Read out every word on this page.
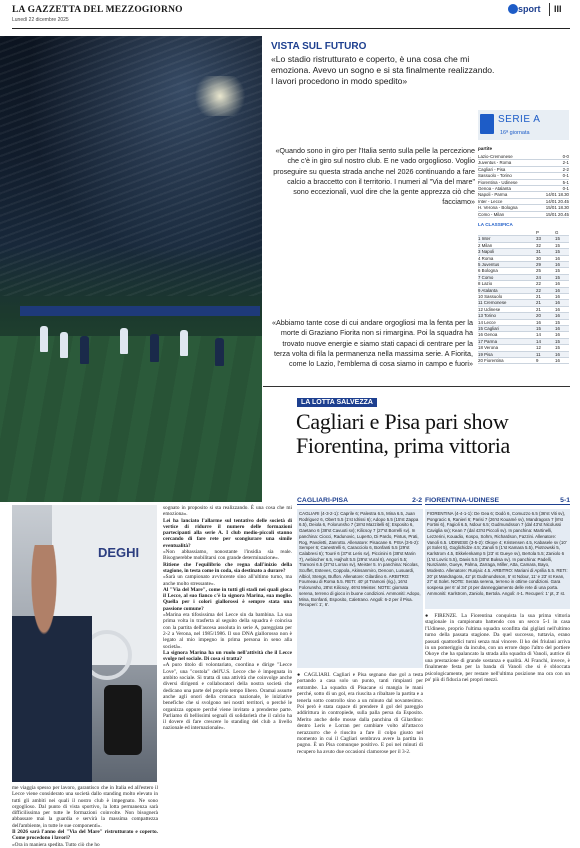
LA GAZZETTA DEL MEZZOGIORNO
Lunedì 22 dicembre 2025
sport III
VISTA SUL FUTURO
«Lo stadio ristrutturato e coperto, è una cosa che mi emoziona. Avevo un sogno e si sta finalmente realizzando. I lavori procedono in modo spedito»
«Quando sono in giro per l'Italia sento sulla pelle la percezione che c'è in giro sul nostro club. E ne vado orgoglioso. Voglio proseguire su questa strada anche nel 2026 continuando a fare calcio a braccetto con il territorio. I numeri al "Via del mare" sono eccezionali, vuol dire che la gente apprezza ciò che facciamo»
«Abbiamo tante cose di cui andare orgogliosi ma la fenta per la morte di Graziano Fiorita non si rimargina. Poi la squadra ha trovato nuove energie e siamo stati capaci di centrare per la terza volta di fila la permanenza nella massima serie. A Fiorita, come lo Lazio, l'emblema di cosa siamo in campo e fuori»
SERIE A
16ª giornata
partite
Lazio-Cremonese	0-0
Juventus - Roma	2-1
Cagliari - Pisa	2-2
Sassuolo - Torino	0-1
Fiorentina - Udinese	5-1
Genoa - Atalanta	0-1
Napoli - Parma	14/01 18.30
Inter - Lecce	14/01 20.45
H. Verona - Bologna	15/01 18.30
Como - Milan	15/01 20.45
LA CLASSIFICA
P	G
1 Inter	33	15
2 Milan	32	15
3 Napoli	31	15
4 Roma	30	16
5 Juventus	29	16
6 Bologna	25	15
7 Como	24	15
8 Lazio	22	16
9 Atalanta	22	16
10 Sassuolo	21	16
11 Cremonese	21	16
12 Udinese	21	16
13 Torino	20	16
14 Lecce	16	15
15 Cagliari	15	16
16 Genoa	14	16
17 Parma	14	15
18 Verona	12	15
19 Pisa	11	16
20 Fiorentina	9	16
LA LOTTA SALVEZZA
Cagliari e Pisa pari show Fiorentina, prima vittoria
CAGLIARI-PISA	2-2 FIORENTINA-UDINESE	5-1
CAGLIARI (4-3-2-1): Caprile 6; Palestra 6.5, Mina 6.5, Juan Rodriguez 6, Obert 5.5 (1'st Idrissi 6); Adopo 5.5 (15'st Zappa 6.5), Deiola 6, Folorunsho 7 (18'st Mazzitelli 6); Esposito 6, Gaetano 6 (38'st Cavuoti sv); Kilicsoy 7 (27'st Borrelli sv). In panchina: Ciocci, Radunovic, Luperto, Di Pardo, Pintus, Prati, Rog, Pavoletti, Zanrotto. Allenatore: Pisacane 6. PISA (3-5-2): Semper 6; Canestrelli 6, Caracciolo 6, Bonfanti 5.5 (29'st Calabresi 6); Touré 6 (37'st Leris sv), Piccinini 6 (38'st Marin 7), Aebischer 6.5, Højholt 5.5 (29'st Vural 6), Angori 5.5; Tramoni 6.5 (37'st Lorran sv), Meister 5. In panchina: Nicolas, Scuffet, Esteves, Coppola, Akinsanmiro, Denoon, Lusuardi, Albiol, Stengs, Buffon. Allenatore: Gilardino 6. ARBITRO: Fourneau di Roma 5.5. RETI: 40' pt Tramoni (rig.), 16'st Folorunsho, 28'st Kilicsoy, 46'st Meister. NOTE: giornata serena, terreno di gioco in buone condizioni. Ammoniti: Adopo, Mina, Bonfanti, Esposito, Caletrano. Angoli: 6-2 per il Pisa. Recuperi: 1', 6'.
FIORENTINA (4-4-1-1): De Gea 6; Dodò 6, Comuzzo 6.5 (36'st Viti sv), Pongracic 6, Ranieri 6; Parisi 7 (26'st Kouamé sv), Mandragora 7 (8'st Fortini 6), Fagioli 6.5, Ndour 6.5; Gudmundsson 7 (dal 43'st Nicolussi Caviglia sv); Kean 7 (dal 43'st Piccoli sv). In panchina: Martinelli, Lezzerini, Kouadio, Kospo, Sohm, Richardson, Fazzini. Allenatore: Vanoli 6.5. UDINESE (3-5-2): Okoye 4; Kristensen 4.5, Kabasele sv (10' pt Solet 5), Goglichidze 4.5; Zanoli 5 (1'st Kamara 5.5), Piotrowski 5, Karlstrom 4.5, Ekkelenkamp 5 (23' st Gueye sv), Bertola 5.5; Zaniolo 6 (1'st Lovric 5.5), Davis 5.5 (30'st Buksa sv). In panchina: Padelli, Nunziante, Gueye, Palma, Zarraga, Miller, Atta, Camara, Bayo, Modesto. Allenatore: Runjaic 4.5. ARBITRO: Mariani di Aprilia 5.5. RETI: 20' pt Mandragora, 42' pt Gudmundsson, 5' st Ndour, 11' e 23' st Kean, 27' st Solet. NOTE: Serata serena, terreno in ottime condizioni. Gara sospesa per 6' al 34' pt per danneggiamento delle rete di una porta. Ammoniti: Karlstrom, Zaniolo, Bertola. Angoli: 4-1. Recuperi: 1' pt, 3' st.
● CAGLIARI. Cagliari e Pisa segnano due gol a testa portando a casa solo un punto, tanti rimpianti per entrambe. La squadra di Pisacane si mangia le mani perché, sotto di un gol, era riuscita a ribaltare la partita e a tenerla sotto controllo sino a un minuto dal novantesimo. Poi però è stata capace di prendere il gol del pareggio addirittura in contropiede, sulla palla persa da Esposito. Merito anche delle mosse dalla panchina di Gilardino: dentro Leris e Lorran per cambiare volto all'attacco nerazzurro che è riuscito a fare il colpo giusto nel momento in cui il Cagliari sembrava avere la partita in pugno. È un Pisa comunque positivo. E poi nei minuti di recupero ha avuto due occasioni clamorose per il 3-2.
● FIRENZE. La Fiorentina conquista la sua prima vittoria stagionale in campionato battendo con un secco 5-1 in casa l'Udinese, proprio l'ultima squadra sconfitta dai gigliati nell'ultimo turno della passata stagione. Da quel successo, tuttavia, erano passati quattordici turni senza mai vincere. Il ko dei friulani arriva in un pomeriggio da incubo, con un errore dopo l'altro del portiere Okoye che ha spalancato la strada alla squadra di Vanoli, autrice di una prestazione di grande sostanza e qualità. Al Franchi, invece, è finalmente festa per la banda di Vanoli che si è sbloccata psicologicamente, per restare nell'ultima posizione ma ora con un po' più di fiducia nei propri mezzi.
DEGHI

me viaggia spesso per lavoro, garantisco che in Italia ed all'estero il Lecce viene considerato una società dallo standing molto elevato in tutti gli ambiti nei quali il nostro club è impegnato. Ne sono orgoglioso. Dal punto di vista sportivo, la lotta permanenza sarà difficilissima per tutte le formazioni coinvolte. Non bisognerà abbassare mai la guardia e servirà la massima compattezza dell'ambiente, in tutte le sue componenti».

Il 2026 sarà l'anno del "Via del Mare" ristrutturato e coperto. Come procedono i lavori?

«Ora in maniera spedita. Tutto ciò che ho

sognato in proposito si sta realizzando. È una cosa che mi emoziona».

Lei ha lanciato l'allarme sul tentativo delle società di vertice di ridurre il numero delle formazioni partecipanti alla serie A. I club medio-piccoli stanno cercando di fare rete per scongiurare una simile eventualità?

«Non abbassiamo, nonostante l'insidia sia reale. Bisognerebbe mobilitarsi con grande determinazione».

Ritiene che l'equilibrio che regna dall'inizio della stagione, in testa come in coda, sia destinato a durare?

«Sarà un campionato avvincente sino all'ultimo turno, ma anche molto stressante».

Al "Via del Mare", come in tutti gli stadi nei quali gioca il Lecce, al suo fianco c'è la signora Marina, sua moglie. Quella per i colori giallorossi è sempre stata una passione comune?

«Marina era tifosissima del Lecce sin da bambina. La sua prima volta in trasferta al seguito della squadra è coincisa con la partita dell'ascesa assoluta in serie A, pareggiata per 2-2 a Verona, nel 1985/1986. Il suo DNA giallorosso non è legato al mio impegno in prima persona in seno alla società».

La signora Marina ha un ruolo nell'attività che il Lecce svolge nel sociale. Di cosa si tratta?

«A puro titolo di volontariato, coordina e dirige "Lecce Love", una "costola" dell'U.S. Lecce che è impegnata in ambito sociale. Si tratta di una attività che coinvolge anche diversi dirigenti e collaboratori della nostra società che dedicano una parte del proprio tempo libero. Oramai assurte anche agli onori della cronaca nazionale, le iniziative benefiche che si svolgono nei nostri territori, o perché le organizza oppure perché viene invitato a prenderne parte. Parliamo di bellissimi segnali di solidarietà che il calcio ha il dovere di fare crescere lo standing del club a livello nazionale ed internazionale».
